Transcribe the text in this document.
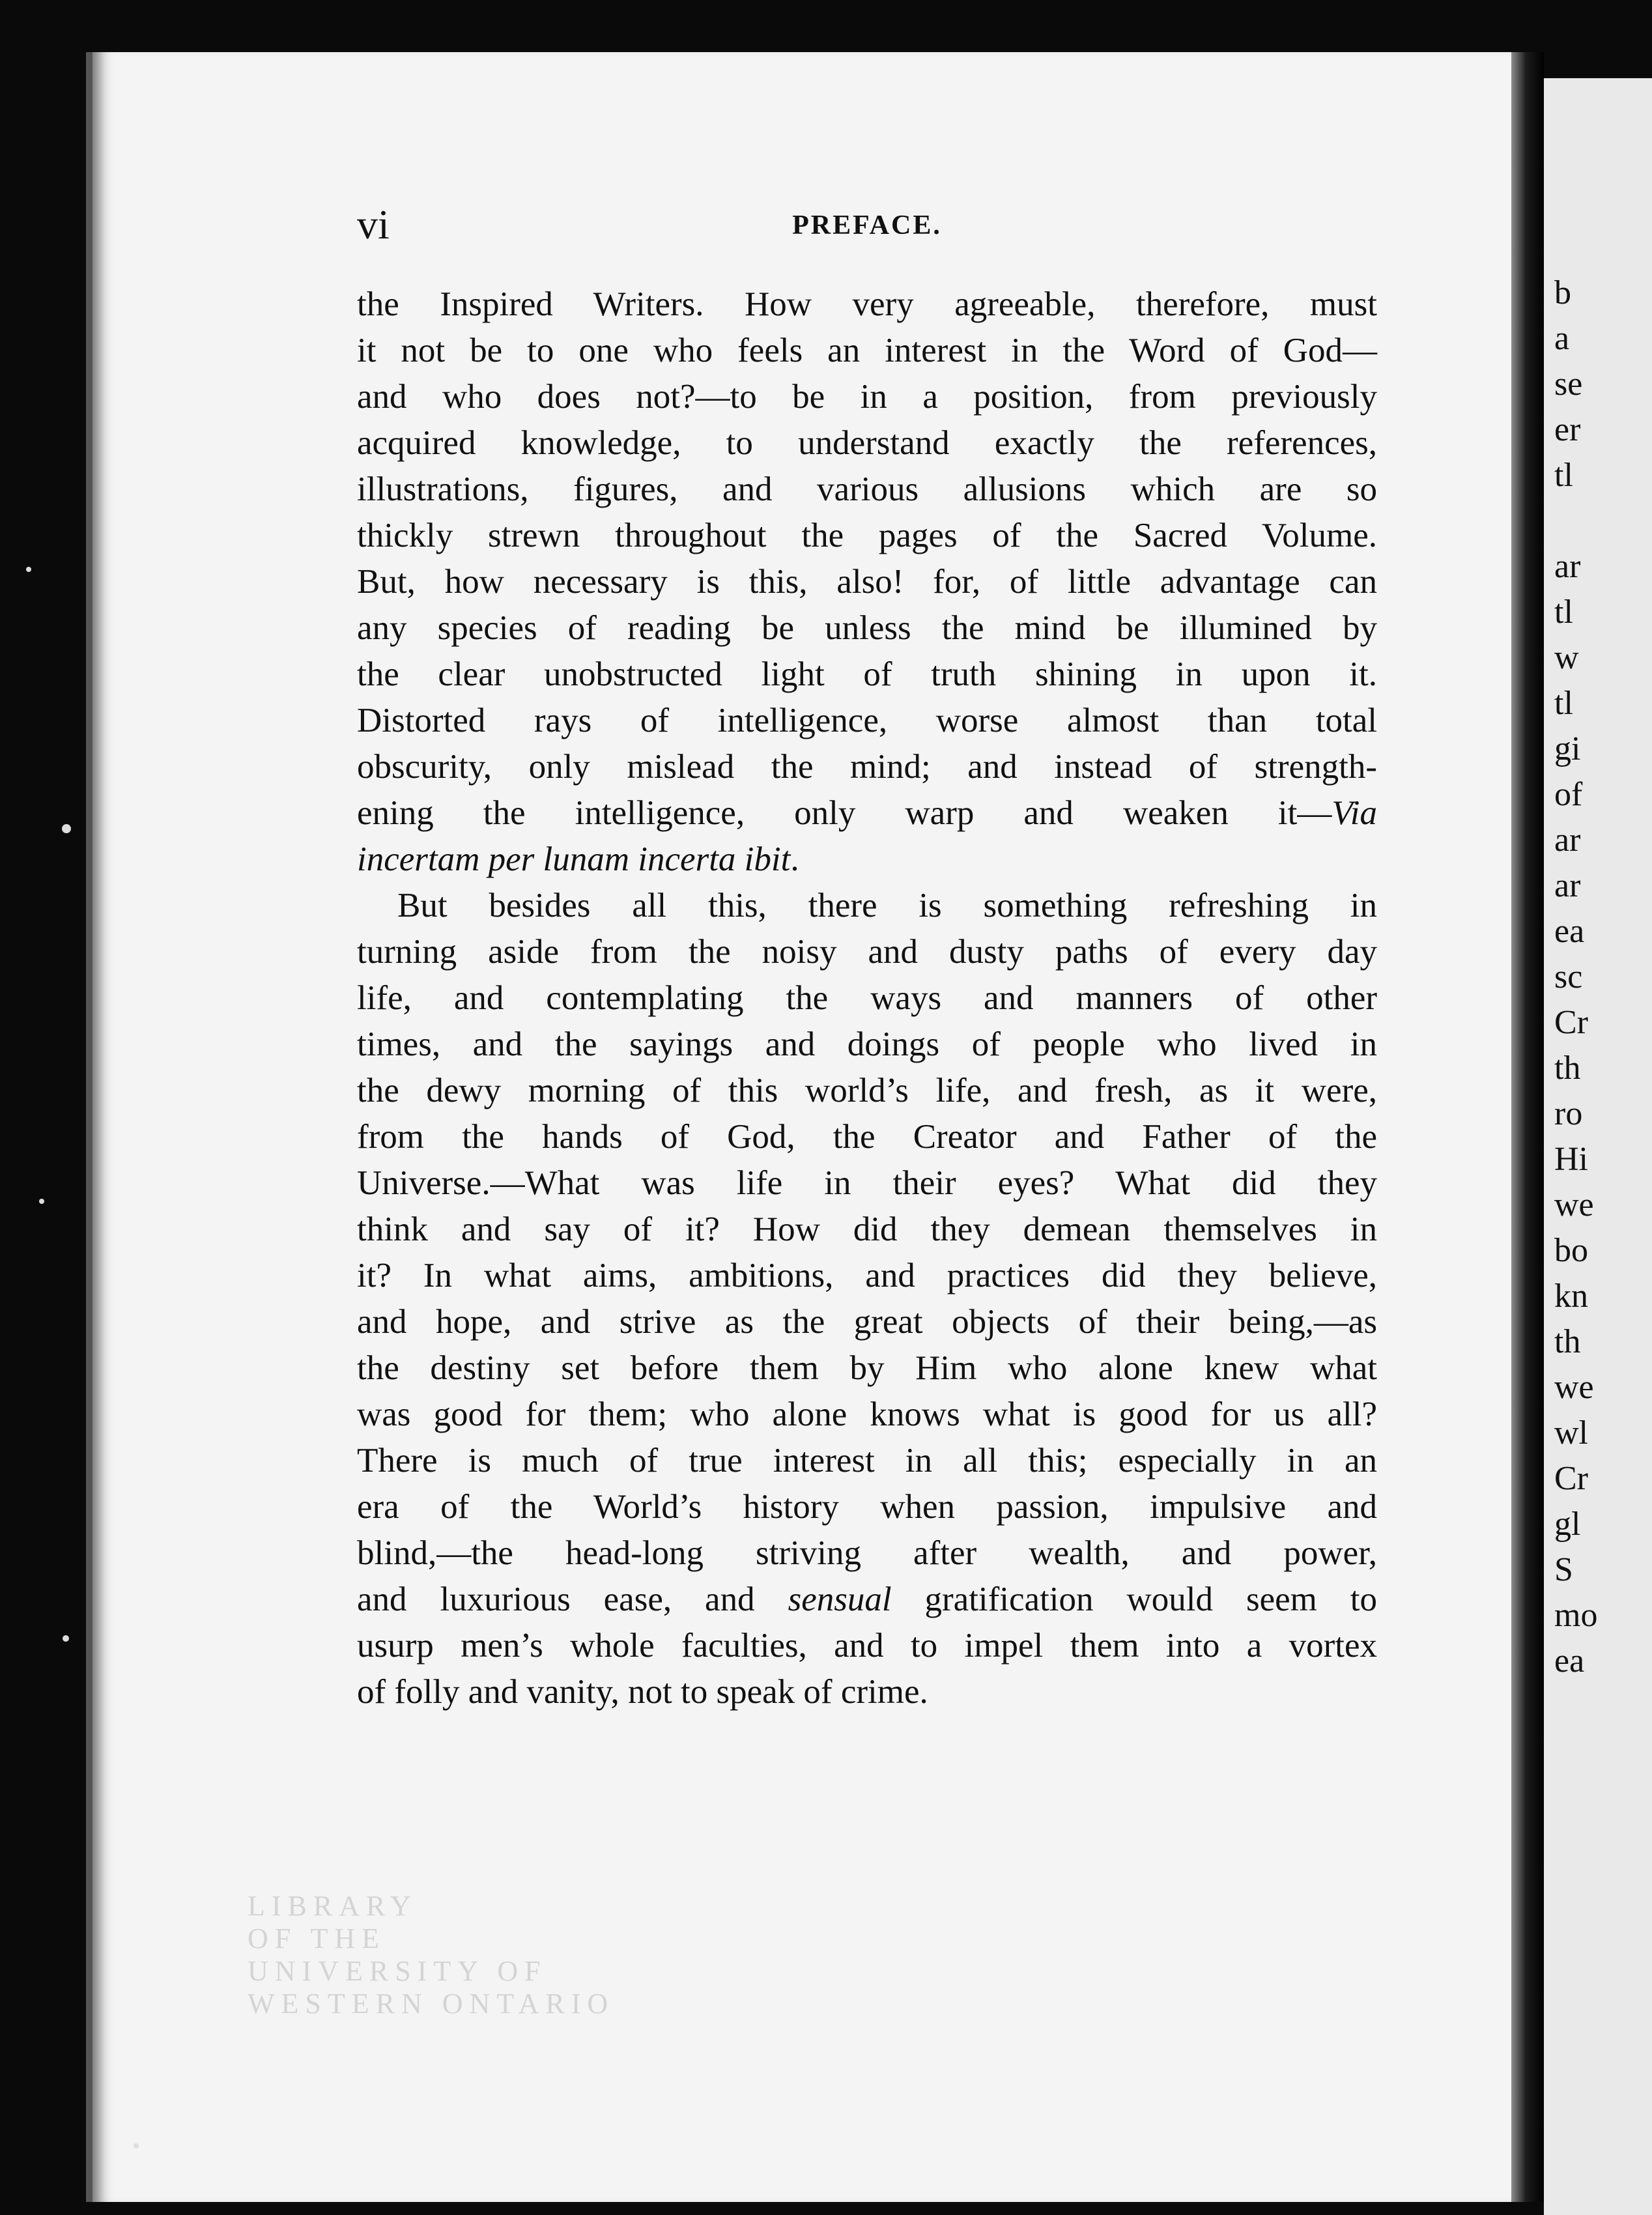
b
a
se
er
tl
ar
tl
w
tl
gi
of
ar
ar
ea
sc
Cr
th
ro
Hi
we
bo
kn
th
we
wl
Cr
gl
S
mo
ea
LIBRARY
OF THE
UNIVERSITY OF
WESTERN ONTARIO
vi	PREFACE.

the Inspired Writers. How very agreeable, therefore, must
it not be to one who feels an interest in the Word of God—
and who does not?—to be in a position, from previously
acquired knowledge, to understand exactly the references,
illustrations, figures, and various allusions which are so
thickly strewn throughout the pages of the Sacred Volume.
But, how necessary is this, also! for, of little advantage can
any species of reading be unless the mind be illumined by
the clear unobstructed light of truth shining in upon it.
Distorted rays of intelligence, worse almost than total
obscurity, only mislead the mind; and instead of strength-
ening the intelligence, only warp and weaken it—Via
incertam per lunam incerta ibit.

But besides all this, there is something refreshing in
turning aside from the noisy and dusty paths of every day
life, and contemplating the ways and manners of other
times, and the sayings and doings of people who lived in
the dewy morning of this world’s life, and fresh, as it were,
from the hands of God, the Creator and Father of the
Universe.—What was life in their eyes? What did they
think and say of it? How did they demean themselves in
it? In what aims, ambitions, and practices did they believe,
and hope, and strive as the great objects of their being,—as
the destiny set before them by Him who alone knew what
was good for them; who alone knows what is good for us all?
There is much of true interest in all this; especially in an
era of the World’s history when passion, impulsive and
blind,—the head-long striving after wealth, and power,
and luxurious ease, and sensual gratification would seem to
usurp men’s whole faculties, and to impel them into a vortex
of folly and vanity, not to speak of crime.
